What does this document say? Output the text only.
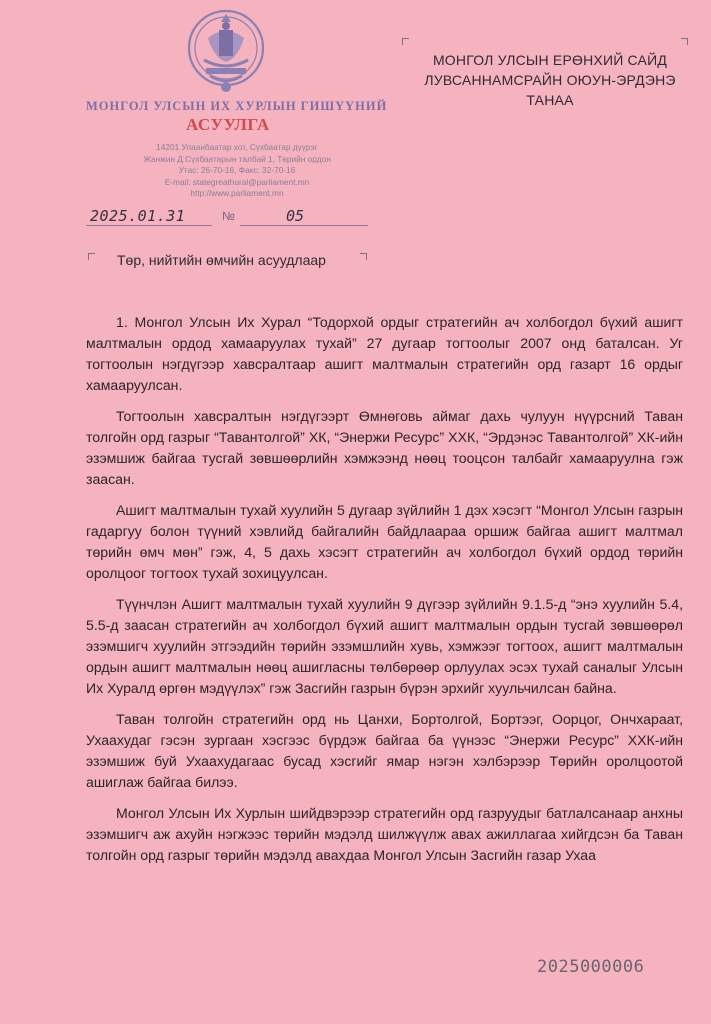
МОНГОЛ УЛСЫН ИХ ХУРЛЫН ГИШҮҮНИЙ
АСУУЛГА
14201 Улаанбаатар хот, Сүхбаатар дүүрэг
Жанжин Д.Сүхбаатарын талбай 1, Төрийн ордон
Утас: 26-70-16, Факс: 32-70-16
E-mail: stategreathural@parliament.mn
http://www.parliament.mn
2025.01.31	№	05
МОНГОЛ УЛСЫН ЕРӨНХИЙ САЙД
ЛУВСАННАМСРАЙН ОЮУН-ЭРДЭНЭ
ТАНАА
Төр, нийтийн өмчийн асуудлаар

1. Монгол Улсын Их Хурал “Тодорхой ордыг стратегийн ач холбогдол бүхий ашигт малтмалын ордод хамааруулах тухай” 27 дугаар тогтоолыг 2007 онд баталсан. Уг тогтоолын нэгдүгээр хавсралтаар ашигт малтмалын стратегийн орд газарт 16 ордыг хамааруулсан.

Тогтоолын хавсралтын нэгдүгээрт Өмнөговь аймаг дахь чулуун нүүрсний Таван толгойн орд газрыг “Тавантолгой” ХК, “Энержи Ресурс” ХХК, “Эрдэнэс Тавантолгой” ХК-ийн эзэмшиж байгаа тусгай зөвшөөрлийн хэмжээнд нөөц тооцсон талбайг хамааруулна гэж заасан.

Ашигт малтмалын тухай хуулийн 5 дугаар зүйлийн 1 дэх хэсэгт “Монгол Улсын газрын гадаргуу болон түүний хэвлийд байгалийн байдлаараа оршиж байгаа ашигт малтмал төрийн өмч мөн” гэж, 4, 5 дахь хэсэгт стратегийн ач холбогдол бүхий ордод төрийн оролцоог тогтоох тухай зохицуулсан.

Түүнчлэн Ашигт малтмалын тухай хуулийн 9 дүгээр зүйлийн 9.1.5-д “энэ хуулийн 5.4, 5.5-д заасан стратегийн ач холбогдол бүхий ашигт малтмалын ордын тусгай зөвшөөрөл эзэмшигч хуулийн этгээдийн төрийн эзэмшлийн хувь, хэмжээг тогтоох, ашигт малтмалын ордын ашигт малтмалын нөөц ашигласны төлбөрөөр орлуулах эсэх тухай саналыг Улсын Их Хуралд өргөн мэдүүлэх” гэж Засгийн газрын бүрэн эрхийг хуульчилсан байна.

Таван толгойн стратегийн орд нь Цанхи, Бортолгой, Бортээг, Оорцог, Ончхараат, Ухаахудаг гэсэн зургаан хэсгээс бүрдэж байгаа ба үүнээс “Энержи Ресурс” ХХК-ийн эзэмшиж буй Ухаахудагаас бусад хэсгийг ямар нэгэн хэлбэрээр Төрийн оролцоотой ашиглаж байгаа билээ.

Монгол Улсын Их Хурлын шийдвэрээр стратегийн орд газруудыг батлалсанаар анхны эзэмшигч аж ахуйн нэгжээс төрийн мэдэлд шилжүүлж авах ажиллагаа хийгдсэн ба Таван толгойн орд газрыг төрийн мэдэлд авахдаа Монгол Улсын Засгийн газар Ухаа

2025000006
